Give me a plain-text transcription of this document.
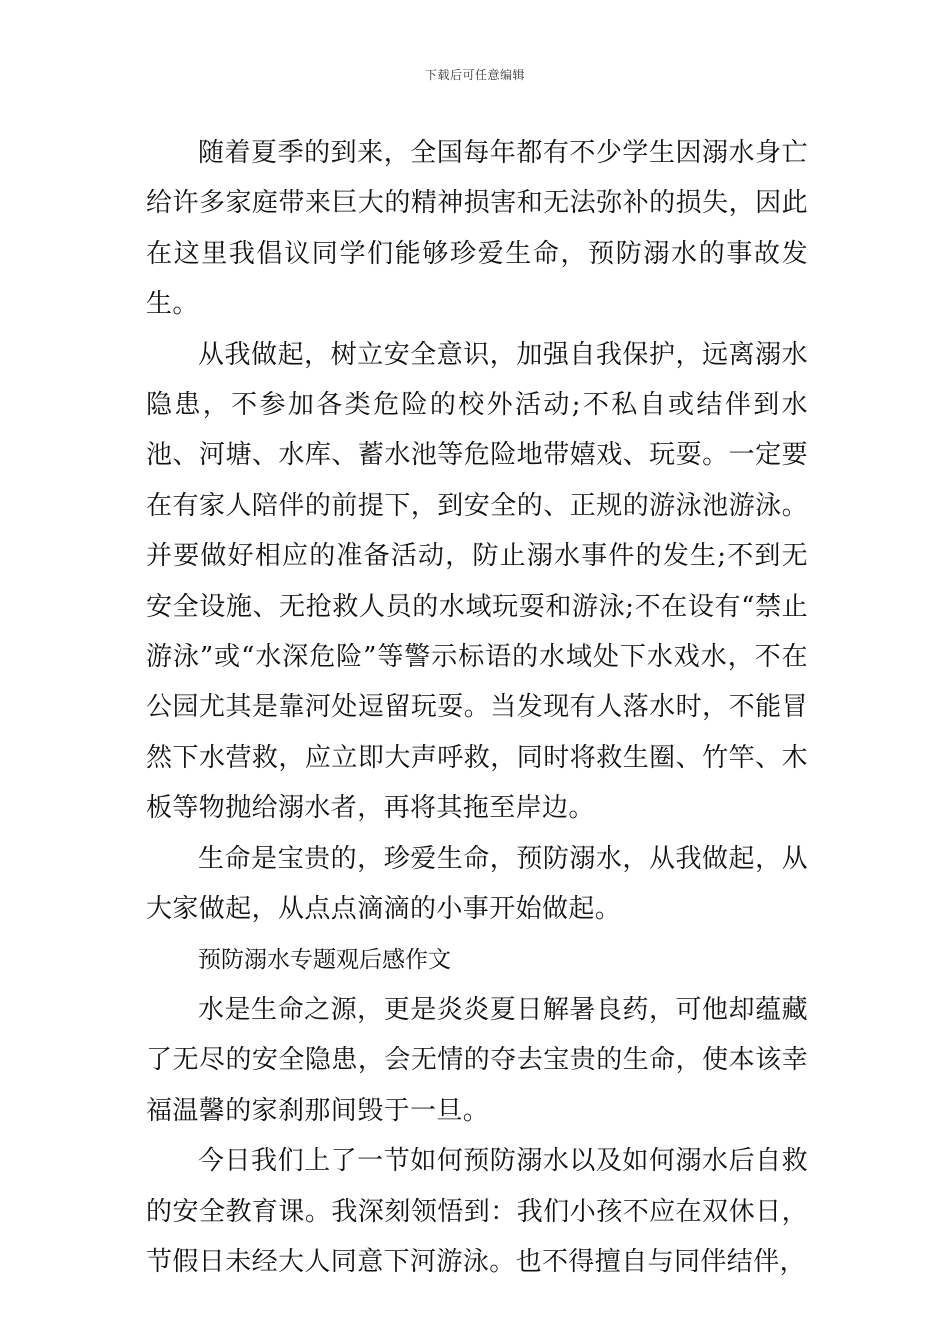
下载后可任意编辑

随着夏季的到来，全国每年都有不少学生因溺水身亡给许多家庭带来巨大的精神损害和无法弥补的损失，因此在这里我倡议同学们能够珍爱生命，预防溺水的事故发生。

从我做起，树立安全意识，加强自我保护，远离溺水隐患，不参加各类危险的校外活动;不私自或结伴到水池、河塘、水库、蓄水池等危险地带嬉戏、玩耍。一定要在有家人陪伴的前提下，到安全的、正规的游泳池游泳。并要做好相应的准备活动，防止溺水事件的发生;不到无安全设施、无抢救人员的水域玩耍和游泳;不在设有“禁止游泳”或“水深危险”等警示标语的水域处下水戏水，不在公园尤其是靠河处逗留玩耍。当发现有人落水时，不能冒然下水营救，应立即大声呼救，同时将救生圈、竹竿、木板等物抛给溺水者，再将其拖至岸边。

生命是宝贵的，珍爱生命，预防溺水，从我做起，从大家做起，从点点滴滴的小事开始做起。

预防溺水专题观后感作文

水是生命之源，更是炎炎夏日解暑良药，可他却蕴藏了无尽的安全隐患，会无情的夺去宝贵的生命，使本该幸福温馨的家刹那间毁于一旦。

今日我们上了一节如何预防溺水以及如何溺水后自救的安全教育课。我深刻领悟到：我们小孩不应在双休日，节假日未经大人同意下河游泳。也不得擅自与同伴结伴，
